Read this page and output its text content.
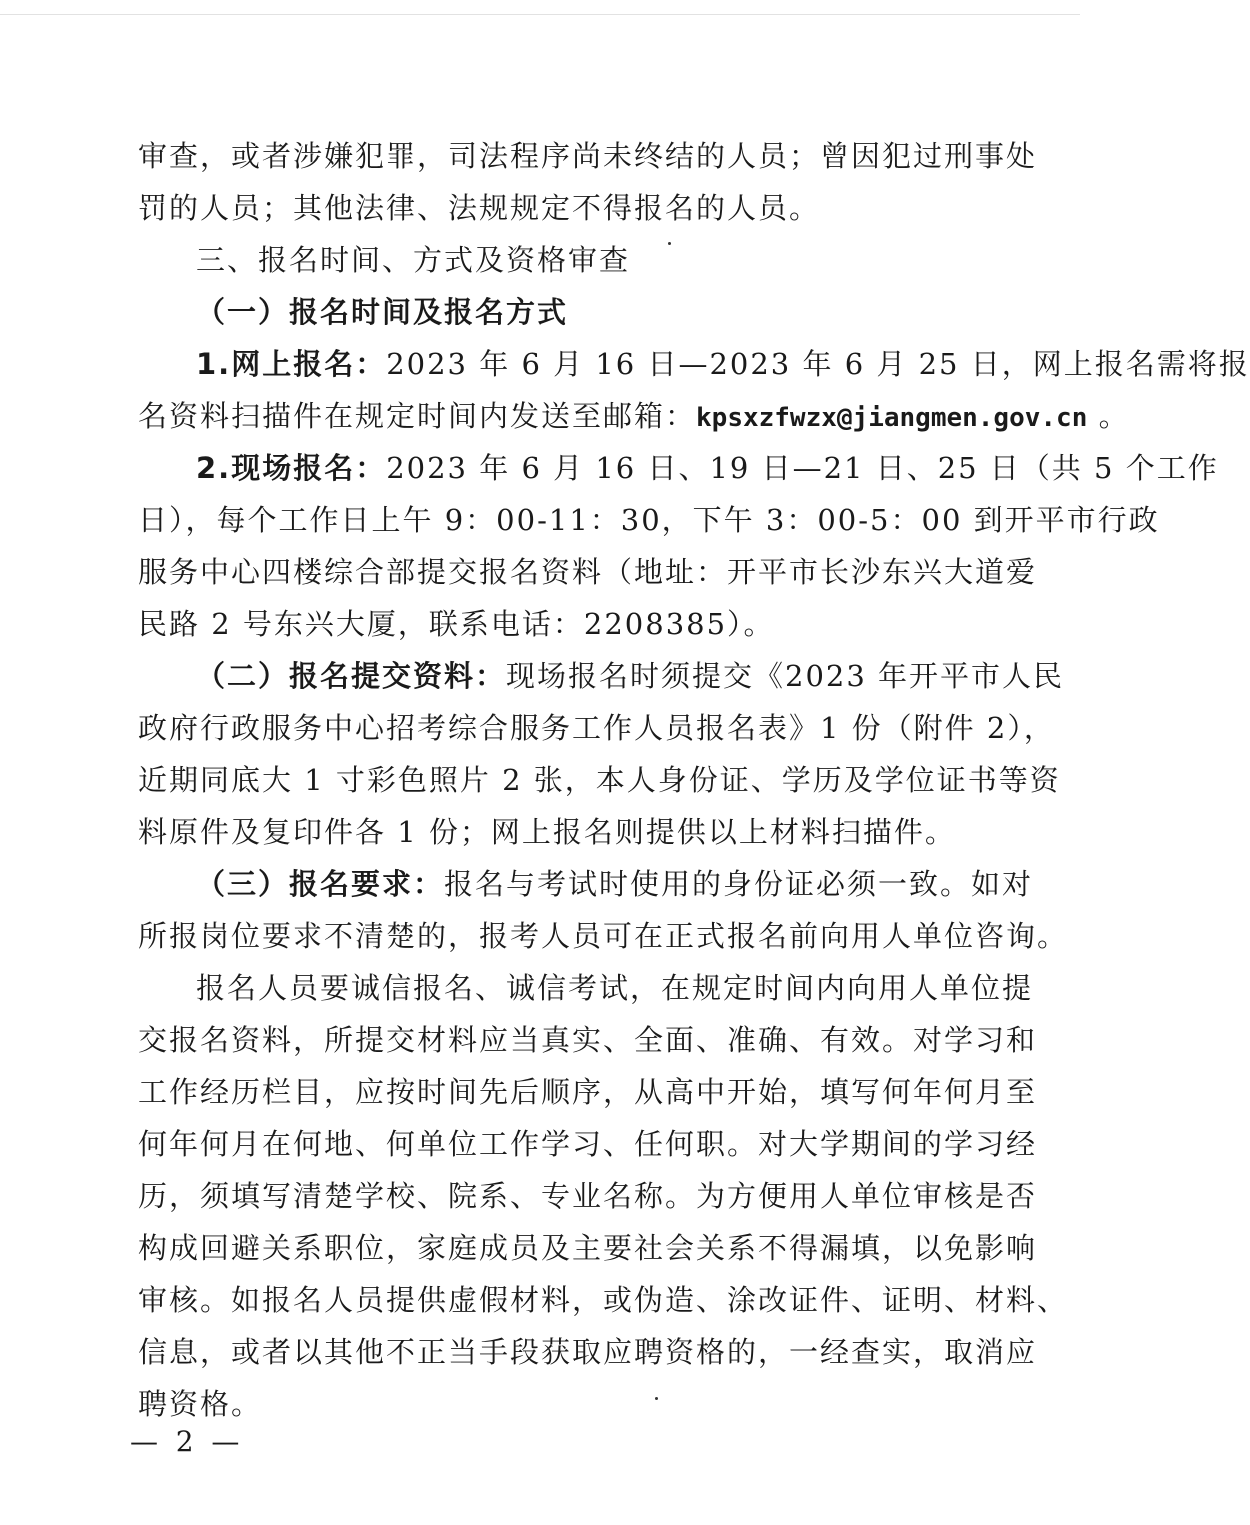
审查，或者涉嫌犯罪，司法程序尚未终结的人员；曾因犯过刑事处
罚的人员；其他法律、法规规定不得报名的人员。
三、报名时间、方式及资格审查
（一）报名时间及报名方式
1.网上报名：2023 年 6 月 16 日—2023 年 6 月 25 日，网上报名需将报
名资料扫描件在规定时间内发送至邮箱：kpsxzfwzx@jiangmen.gov.cn 。
2.现场报名：2023 年 6 月 16 日、19 日—21 日、25 日（共 5 个工作
日），每个工作日上午 9：00-11：30，下午 3：00-5：00 到开平市行政
服务中心四楼综合部提交报名资料（地址：开平市长沙东兴大道爱
民路 2 号东兴大厦，联系电话：2208385）。
（二）报名提交资料：现场报名时须提交《2023 年开平市人民
政府行政服务中心招考综合服务工作人员报名表》1 份（附件 2），
近期同底大 1 寸彩色照片 2 张，本人身份证、学历及学位证书等资
料原件及复印件各 1 份；网上报名则提供以上材料扫描件。
（三）报名要求：报名与考试时使用的身份证必须一致。如对
所报岗位要求不清楚的，报考人员可在正式报名前向用人单位咨询。
报名人员要诚信报名、诚信考试，在规定时间内向用人单位提
交报名资料，所提交材料应当真实、全面、准确、有效。对学习和
工作经历栏目，应按时间先后顺序，从高中开始，填写何年何月至
何年何月在何地、何单位工作学习、任何职。对大学期间的学习经
历，须填写清楚学校、院系、专业名称。为方便用人单位审核是否
构成回避关系职位，家庭成员及主要社会关系不得漏填，以免影响
审核。如报名人员提供虚假材料，或伪造、涂改证件、证明、材料、
信息，或者以其他不正当手段获取应聘资格的，一经查实，取消应
聘资格。
—  2  —
